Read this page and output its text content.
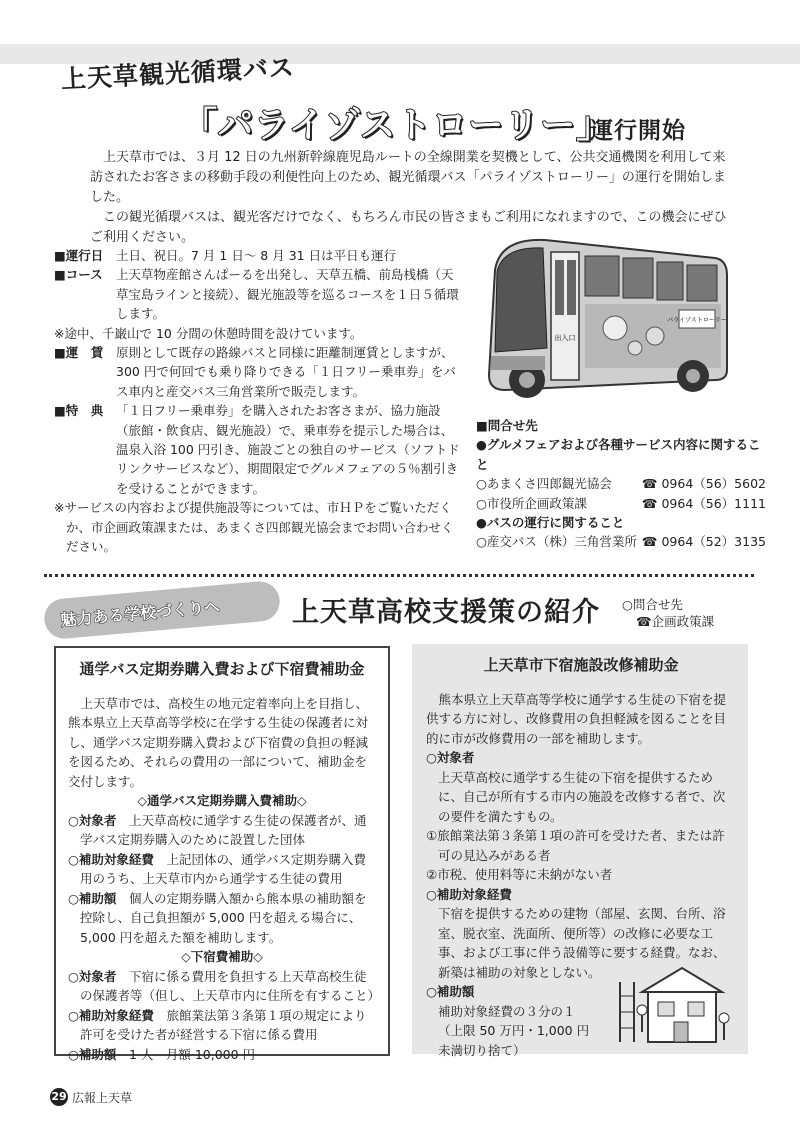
上天草観光循環バス
「パライゾストローリー」
運行開始

上天草市では、３月 12 日の九州新幹線鹿児島ルートの全線開業を契機として、公共交通機関を利用して来訪されたお客さまの移動手段の利便性向上のため、観光循環バス「パライゾストローリー」の運行を開始しました。

この観光循環バスは、観光客だけでなく、もちろん市民の皆さまもご利用になれますので、この機会にぜひご利用ください。

■運行日	土日、祝日。7 月 1 日～ 8 月 31 日は平日も運行
■コース	上天草物産館さんぱーるを出発し、天草五橋、前島桟橋（天草宝島ラインと接続）、観光施設等を巡るコースを１日５循環します。
※途中、千巌山で 10 分間の休憩時間を設けています。
■運　賃	原則として既存の路線バスと同様に距離制運賃としますが、300 円で何回でも乗り降りできる「１日フリー乗車券」をバス車内と産交バス三角営業所で販売します。
■特　典	「１日フリー乗車券」を購入されたお客さまが、協力施設（旅館・飲食店、観光施設）で、乗車券を提示した場合は、温泉入浴 100 円引き、施設ごとの独自のサービス（ソフトドリンクサービスなど）、期間限定でグルメフェアの５％割引きを受けることができます。
※サービスの内容および提供施設等については、市ＨＰをご覧いただくか、市企画政策課または、あまくさ四郎観光協会までお問い合わせください。
パライゾストローリー
出入口
■問合せ先
●グルメフェアおよび各種サービス内容に関すること
○あまくさ四郎観光協会 ☎ 0964（56）5602
○市役所企画政策課	☎ 0964（56）1111
●バスの運行に関すること
○産交バス（株）三角営業所 ☎ 0964（52）3135
魅力ある学校づくりへ	上天草高校支援策の紹介 ○問合せ先
☎企画政策課
通学バス定期券購入費および下宿費補助金
上天草市では、高校生の地元定着率向上を目指し、熊本県立上天草高等学校に在学する生徒の保護者に対し、通学バス定期券購入費および下宿費の負担の軽減を図るため、それらの費用の一部について、補助金を交付します。
◇通学バス定期券購入費補助◇
○対象者　 上天草高校に通学する生徒の保護者が、通学バス定期券購入のために設置した団体
○補助対象経費　 上記団体の、通学バス定期券購入費用のうち、上天草市内から通学する生徒の費用
○補助額　 個人の定期券購入額から熊本県の補助額を控除し、自己負担額が 5,000 円を超える場合に、5,000 円を超えた額を補助します。
◇下宿費補助◇
○対象者　 下宿に係る費用を負担する上天草高校生徒の保護者等（但し、上天草市内に住所を有すること）
○補助対象経費　 旅館業法第３条第１項の規定により許可を受けた者が経営する下宿に係る費用
○補助額　 1 人　月額 10,000 円
上天草市下宿施設改修補助金
熊本県立上天草高等学校に通学する生徒の下宿を提供する方に対し、改修費用の負担軽減を図ることを目的に市が改修費用の一部を補助します。
○対象者
上天草高校に通学する生徒の下宿を提供するために、自己が所有する市内の施設を改修する者で、次の要件を満たすもの。
①旅館業法第３条第１項の許可を受けた者、または許可の見込みがある者
②市税、使用料等に未納がない者
○補助対象経費
下宿を提供するための建物（部屋、玄関、台所、浴室、脱衣室、洗面所、便所等）の改修に必要な工事、および工事に伴う設備等に要する経費。なお、新築は補助の対象としない。
○補助額
補助対象経費の３分の１
（上限 50 万円・1,000 円
未満切り捨て）
29 広報上天草
